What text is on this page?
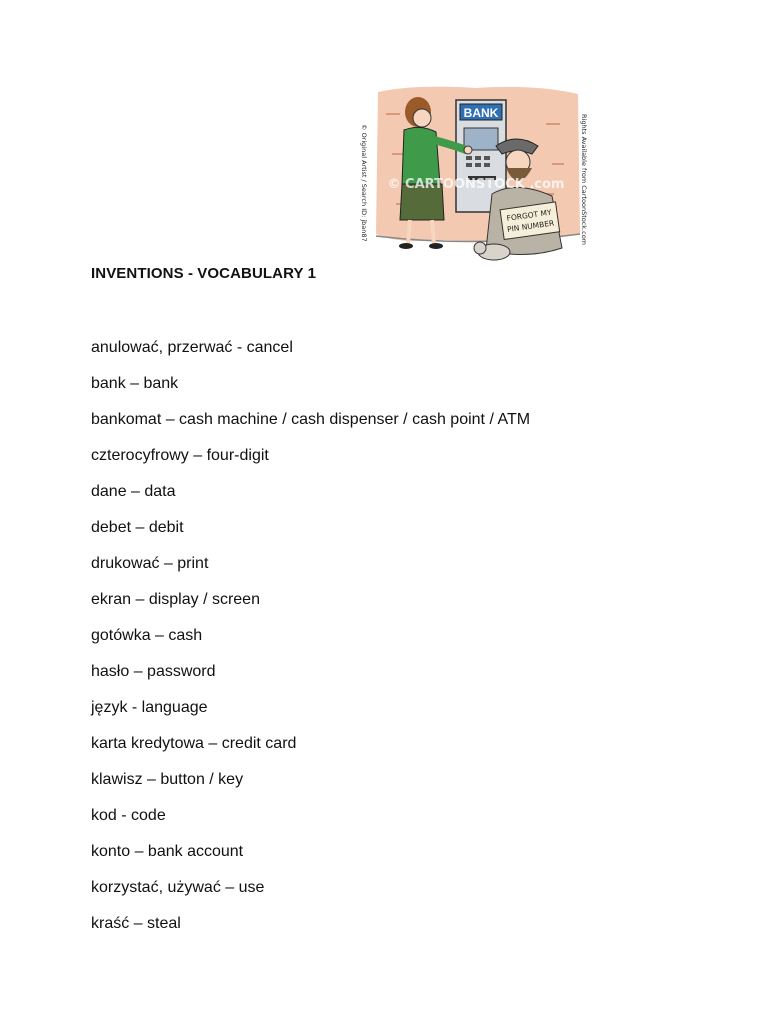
BANK
FORGOT MY
PIN NUMBER
© CARTOONSTOCK .com
© Original Artist / Search ID: jban87	Rights Available from CartoonStock.com
INVENTIONS - VOCABULARY 1
anulować, przerwać - cancel
bank – bank
bankomat – cash machine / cash dispenser / cash point / ATM
czterocyfrowy – four-digit
dane – data
debet – debit
drukować – print
ekran – display / screen
gotówka – cash
hasło – password
język - language
karta kredytowa – credit card
klawisz – button / key
kod - code
konto – bank account
korzystać, używać – use
kraść – steal
